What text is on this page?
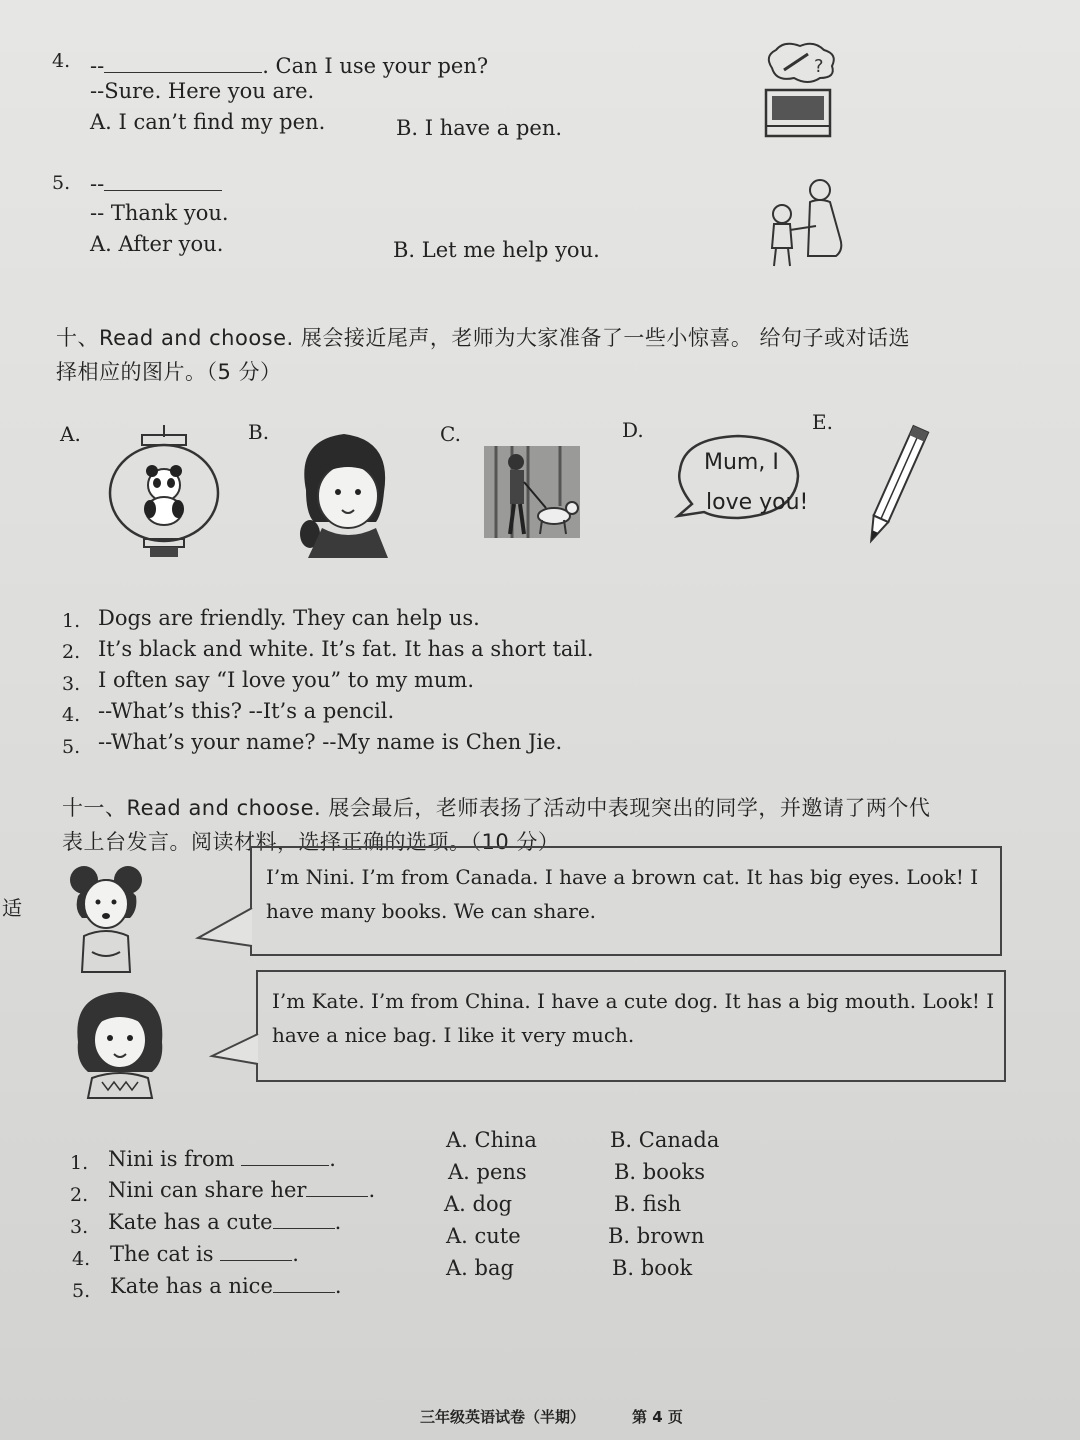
4. --	. Can I use your pen?
--Sure. Here you are.
A. I can’t find my pen.	B. I have a pen.
?
5. --
-- Thank you.
A. After you.	B. Let me help you.
十、Read and choose. 展会接近尾声，老师为大家准备了一些小惊喜。 给句子或对话选
择相应的图片。（5 分）
A.	B.	C.	D.
Mum, I
love you!
E.
1. Dogs are friendly. They can help us.
2. It’s black and white. It’s fat. It has a short tail.
3. I often say “I love you” to my mum.
4. --What’s this? --It’s a pencil.
5. --What’s your name? --My name is Chen Jie.
十一、Read and choose. 展会最后，老师表扬了活动中表现突出的同学，并邀请了两个代
表上台发言。阅读材料，选择正确的选项。（10 分）
适

I’m Nini. I’m from Canada. I have a brown cat. It has big eyes. Look! I

have many books. We can share.

I’m Kate. I’m from China. I have a cute dog. It has a big mouth. Look! I

have a nice bag. I like it very much.

1. Nini is from	.
A. China	B. Canada
2. Nini can share her	.
A. pens	B. books
3. Kate has a cute	.
A. dog	B. fish
4. The cat is	.
A. cute	B. brown
5. Kate has a nice	.
A. bag	B. book
三年级英语试卷（半期）	第 4 页
